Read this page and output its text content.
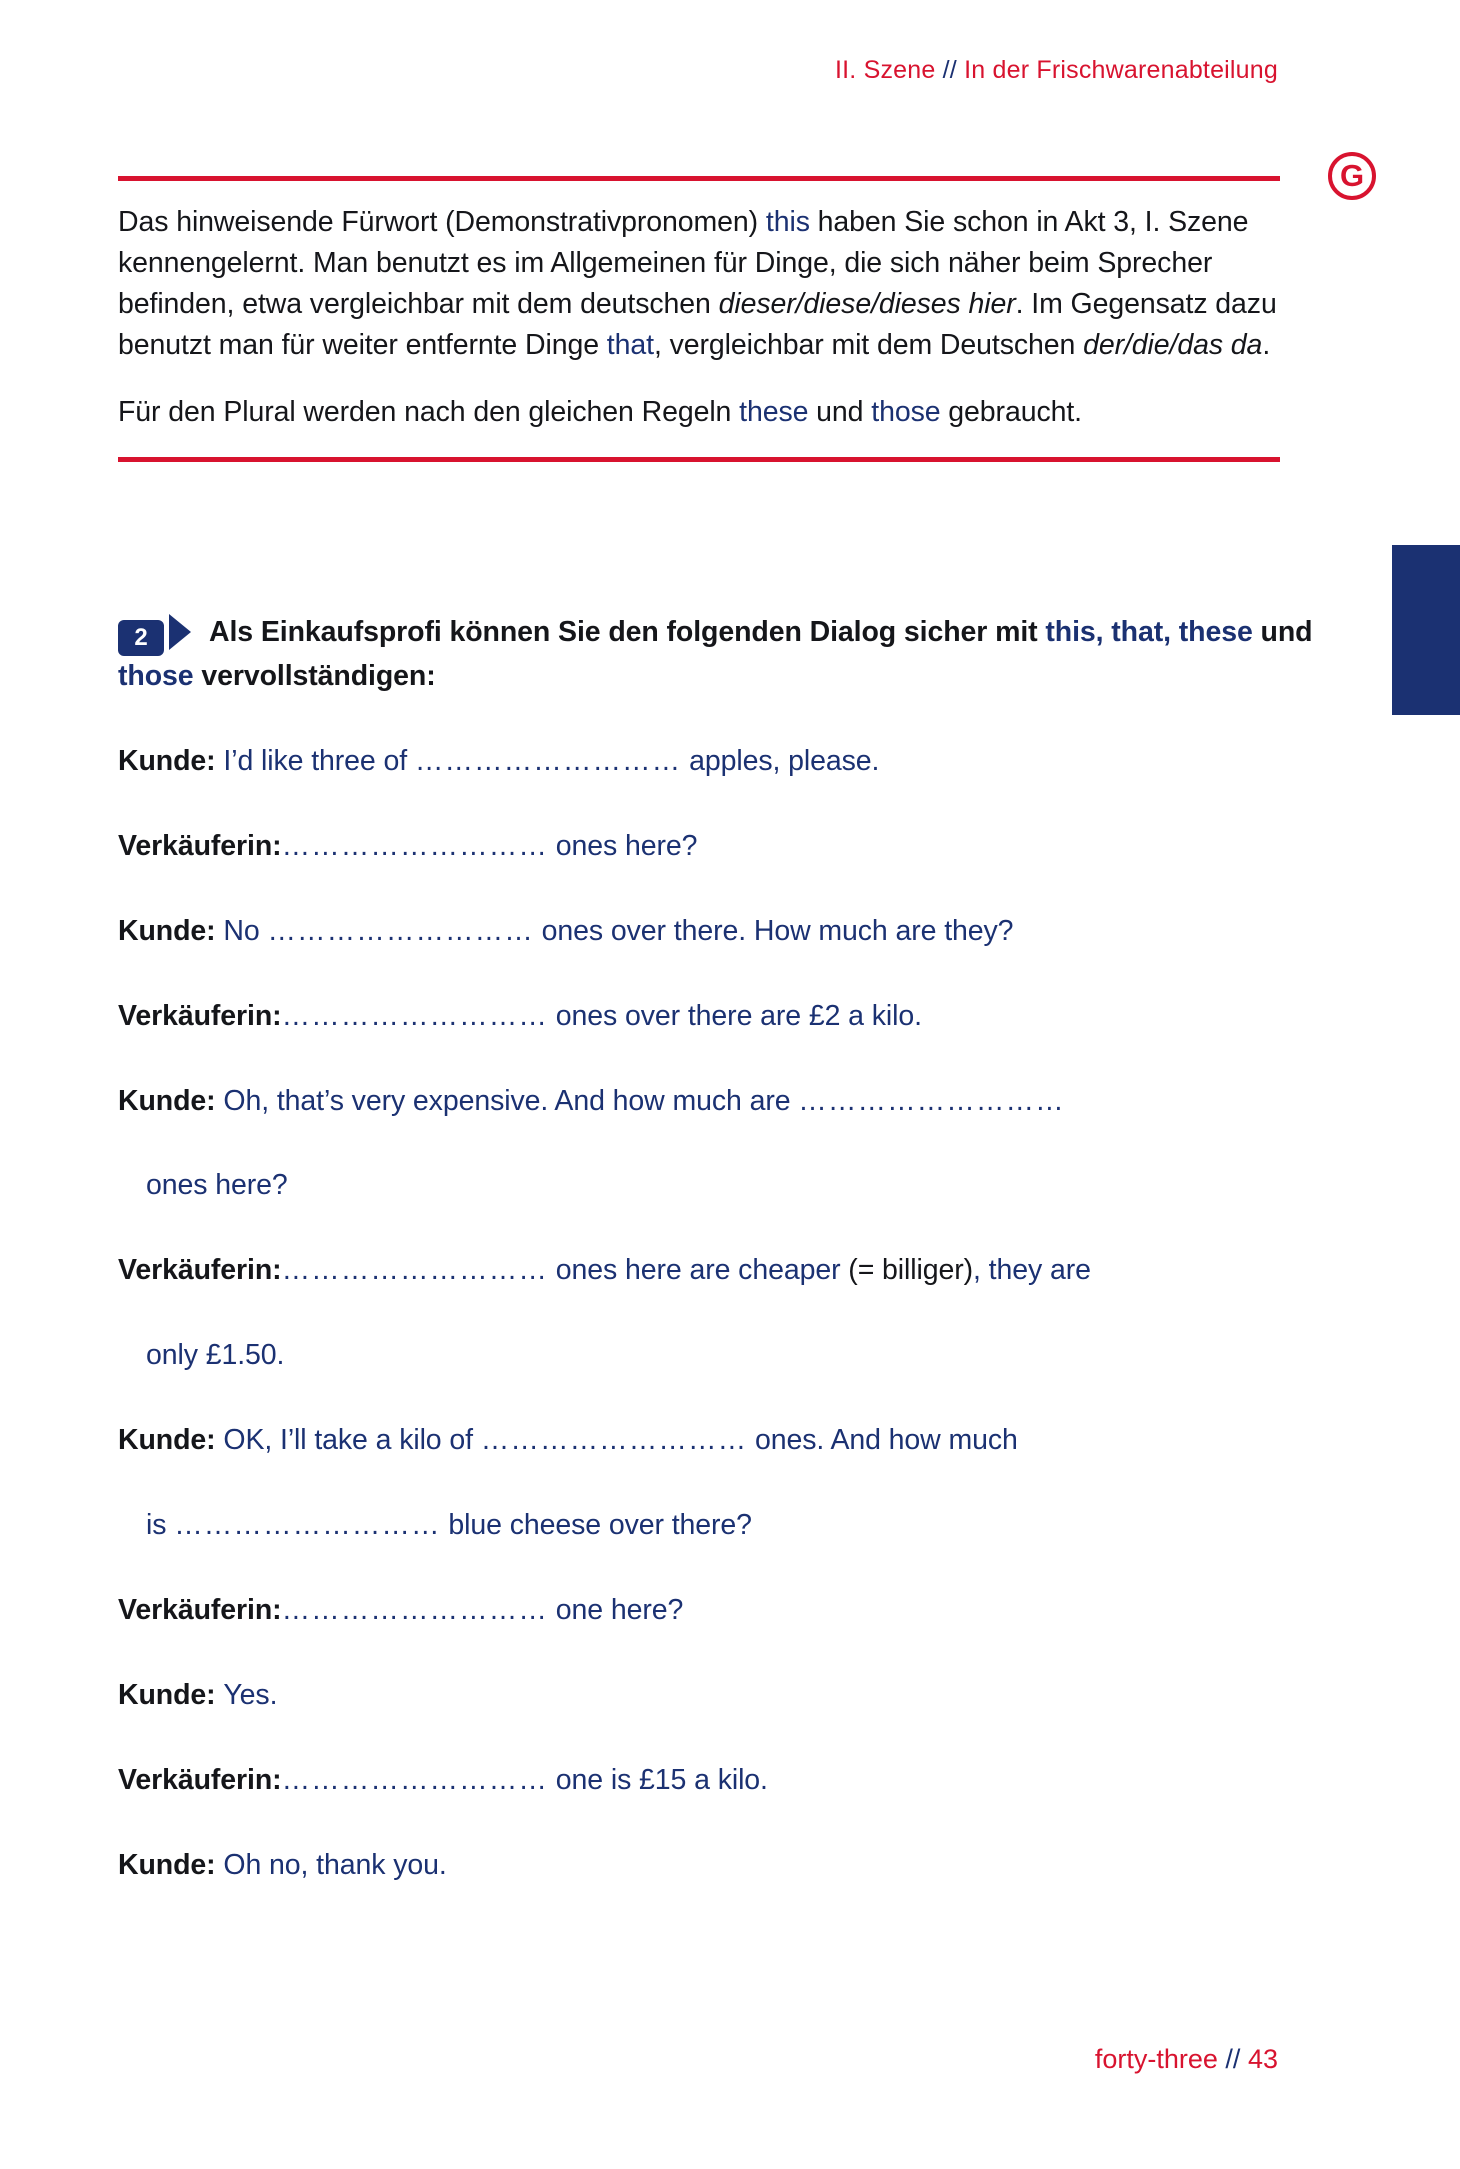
II. Szene // In der Frischwarenabteilung
G

Das hinweisende Fürwort (Demonstrativpronomen) this haben Sie schon in Akt 3, I. Szene kennengelernt. Man benutzt es im Allgemeinen für Dinge, die sich näher beim Sprecher befinden, etwa vergleichbar mit dem deutschen dieser/diese/dieses hier. Im Gegensatz dazu benutzt man für weiter entfernte Dinge that, vergleichbar mit dem Deutschen der/die/das da.

Für den Plural werden nach den gleichen Regeln these und those gebraucht.

2 Als Einkaufsprofi können Sie den folgenden Dialog sicher mit this, that, these und those vervollständigen:

Kunde: I’d like three of ……………………… apples, please.

Verkäuferin:……………………… ones here?

Kunde: No ……………………… ones over there. How much are they?

Verkäuferin:……………………… ones over there are £2 a kilo.

Kunde: Oh, that’s very expensive. And how much are ………………………
ones here?

Verkäuferin:……………………… ones here are cheaper (= billiger), they are
only £1.50.

Kunde: OK, I’ll take a kilo of ……………………… ones. And how much
is ……………………… blue cheese over there?

Verkäuferin:……………………… one here?

Kunde: Yes.

Verkäuferin:……………………… one is £15 a kilo.

Kunde: Oh no, thank you.

forty-three // 43
